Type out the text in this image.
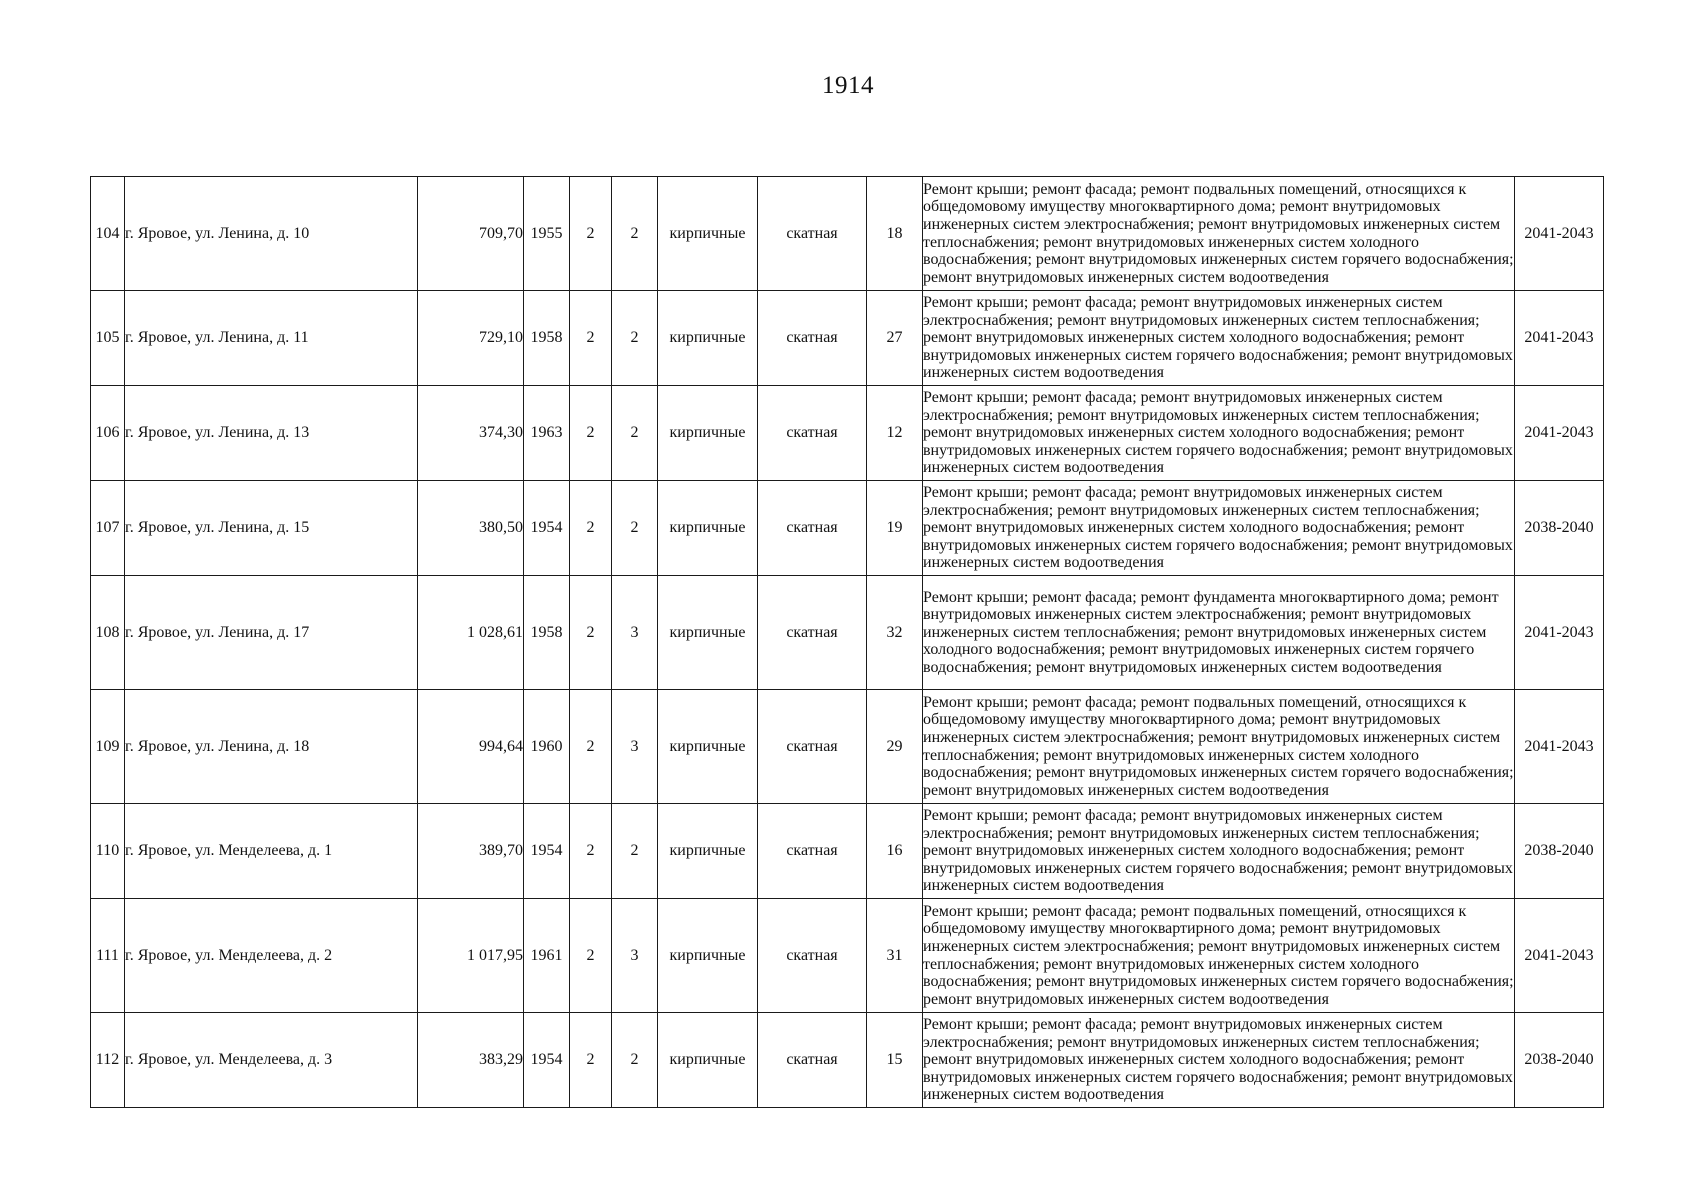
1914
104	г. Яровое, ул. Ленина, д. 10	709,70	1955	2	2	кирпичные	скатная	18	Ремонт крыши; ремонт фасада; ремонт подвальных помещений, относящихся к общедомовому имуществу многоквартирного дома; ремонт внутридомовых инженерных систем электроснабжения; ремонт внутридомовых инженерных систем теплоснабжения; ремонт внутридомовых инженерных систем холодного водоснабжения; ремонт внутридомовых инженерных систем горячего водоснабжения; ремонт внутридомовых инженерных систем водоотведения	2041-2043
105	г. Яровое, ул. Ленина, д. 11	729,10	1958	2	2	кирпичные	скатная	27	Ремонт крыши; ремонт фасада; ремонт внутридомовых инженерных систем электроснабжения; ремонт внутридомовых инженерных систем теплоснабжения; ремонт внутридомовых инженерных систем холодного водоснабжения; ремонт внутридомовых инженерных систем горячего водоснабжения; ремонт внутридомовых инженерных систем водоотведения	2041-2043
106	г. Яровое, ул. Ленина, д. 13	374,30	1963	2	2	кирпичные	скатная	12	Ремонт крыши; ремонт фасада; ремонт внутридомовых инженерных систем электроснабжения; ремонт внутридомовых инженерных систем теплоснабжения; ремонт внутридомовых инженерных систем холодного водоснабжения; ремонт внутридомовых инженерных систем горячего водоснабжения; ремонт внутридомовых инженерных систем водоотведения	2041-2043
107	г. Яровое, ул. Ленина, д. 15	380,50	1954	2	2	кирпичные	скатная	19	Ремонт крыши; ремонт фасада; ремонт внутридомовых инженерных систем электроснабжения; ремонт внутридомовых инженерных систем теплоснабжения; ремонт внутридомовых инженерных систем холодного водоснабжения; ремонт внутридомовых инженерных систем горячего водоснабжения; ремонт внутридомовых инженерных систем водоотведения	2038-2040
108	г. Яровое, ул. Ленина, д. 17	1 028,61	1958	2	3	кирпичные	скатная	32	Ремонт крыши; ремонт фасада; ремонт фундамента многоквартирного дома; ремонт внутридомовых инженерных систем электроснабжения; ремонт внутридомовых инженерных систем теплоснабжения; ремонт внутридомовых инженерных систем холодного водоснабжения; ремонт внутридомовых инженерных систем горячего водоснабжения; ремонт внутридомовых инженерных систем водоотведения	2041-2043
109	г. Яровое, ул. Ленина, д. 18	994,64	1960	2	3	кирпичные	скатная	29	Ремонт крыши; ремонт фасада; ремонт подвальных помещений, относящихся к общедомовому имуществу многоквартирного дома; ремонт внутридомовых инженерных систем электроснабжения; ремонт внутридомовых инженерных систем теплоснабжения; ремонт внутридомовых инженерных систем холодного водоснабжения; ремонт внутридомовых инженерных систем горячего водоснабжения; ремонт внутридомовых инженерных систем водоотведения	2041-2043
110	г. Яровое, ул. Менделеева, д. 1	389,70	1954	2	2	кирпичные	скатная	16	Ремонт крыши; ремонт фасада; ремонт внутридомовых инженерных систем электроснабжения; ремонт внутридомовых инженерных систем теплоснабжения; ремонт внутридомовых инженерных систем холодного водоснабжения; ремонт внутридомовых инженерных систем горячего водоснабжения; ремонт внутридомовых инженерных систем водоотведения	2038-2040
111	г. Яровое, ул. Менделеева, д. 2	1 017,95	1961	2	3	кирпичные	скатная	31	Ремонт крыши; ремонт фасада; ремонт подвальных помещений, относящихся к общедомовому имуществу многоквартирного дома; ремонт внутридомовых инженерных систем электроснабжения; ремонт внутридомовых инженерных систем теплоснабжения; ремонт внутридомовых инженерных систем холодного водоснабжения; ремонт внутридомовых инженерных систем горячего водоснабжения; ремонт внутридомовых инженерных систем водоотведения	2041-2043
112	г. Яровое, ул. Менделеева, д. 3	383,29	1954	2	2	кирпичные	скатная	15	Ремонт крыши; ремонт фасада; ремонт внутридомовых инженерных систем электроснабжения; ремонт внутридомовых инженерных систем теплоснабжения; ремонт внутридомовых инженерных систем холодного водоснабжения; ремонт внутридомовых инженерных систем горячего водоснабжения; ремонт внутридомовых инженерных систем водоотведения	2038-2040
